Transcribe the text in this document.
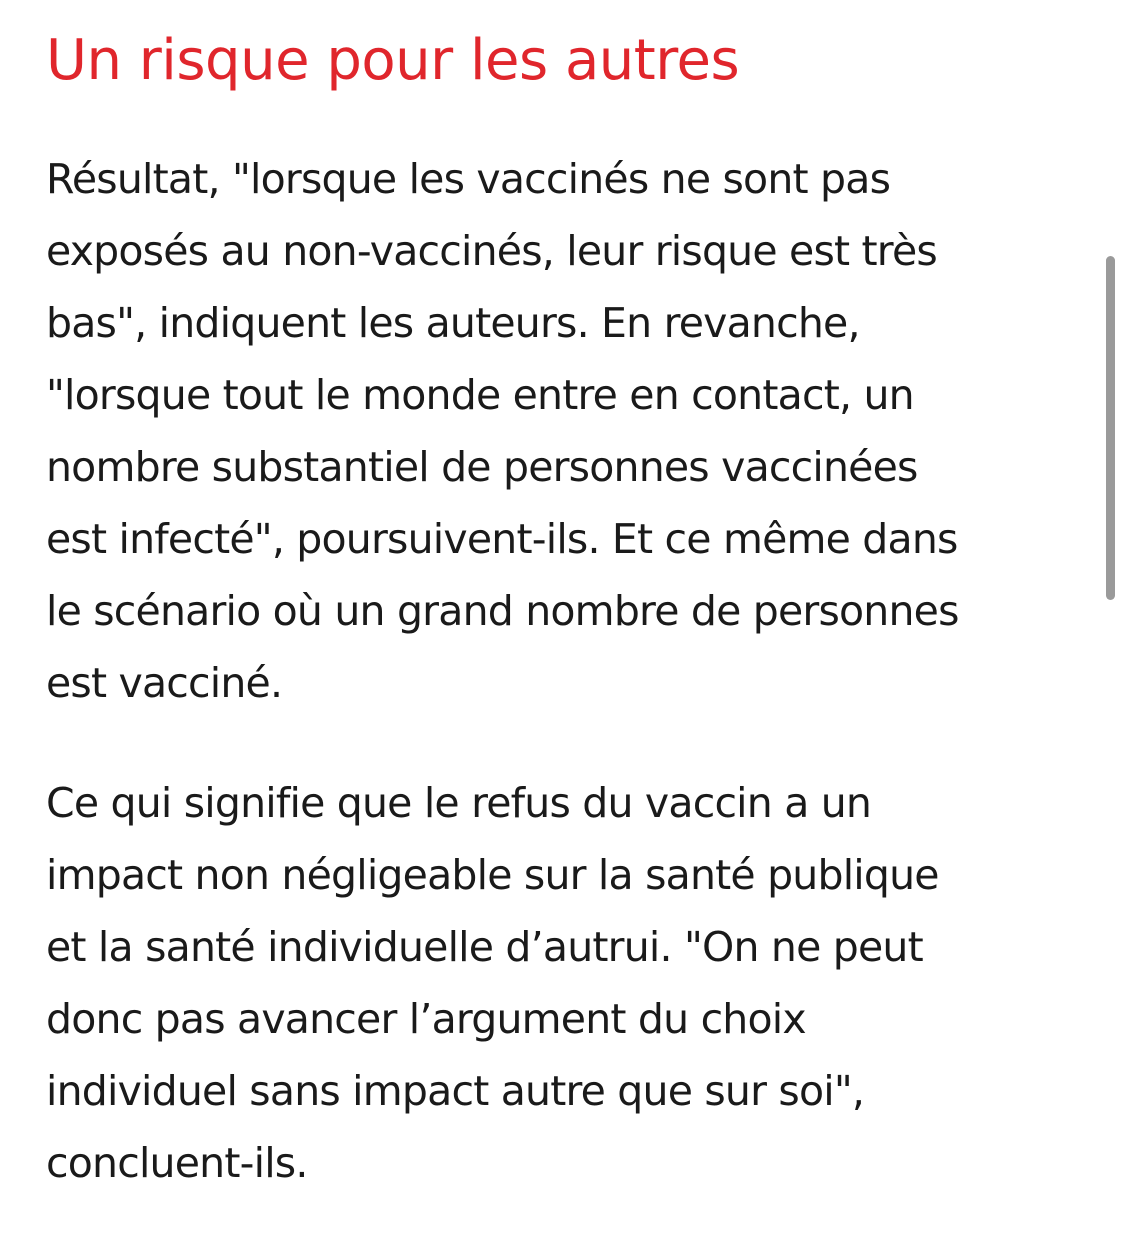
Un risque pour les autres

Résultat, "lorsque les vaccinés ne sont pas
exposés au non-vaccinés, leur risque est très
bas", indiquent les auteurs. En revanche,
"lorsque tout le monde entre en contact, un
nombre substantiel de personnes vaccinées
est infecté", poursuivent-ils. Et ce même dans
le scénario où un grand nombre de personnes
est vacciné.

Ce qui signifie que le refus du vaccin a un
impact non négligeable sur la santé publique
et la santé individuelle d’autrui. "On ne peut
donc pas avancer l’argument du choix
individuel sans impact autre que sur soi",
concluent-ils.
